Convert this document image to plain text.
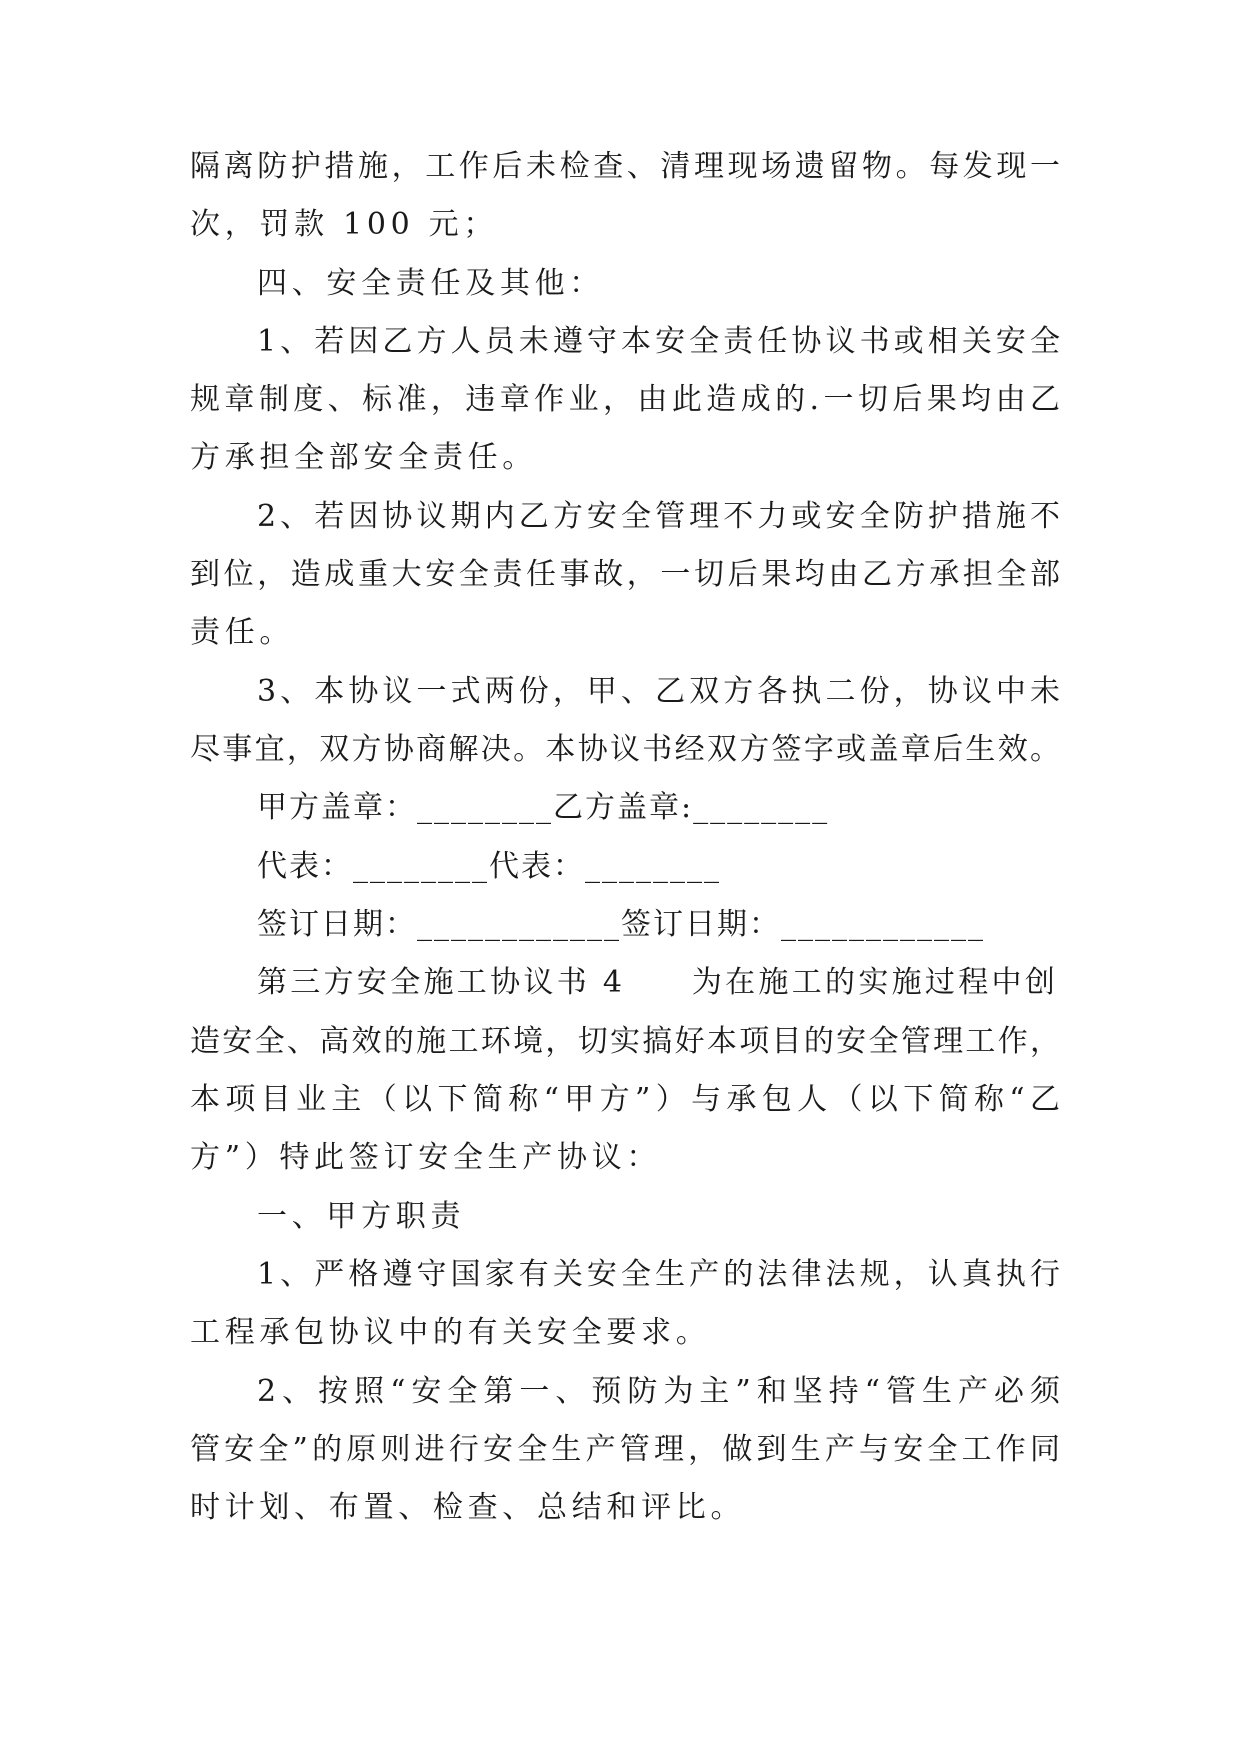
隔离防护措施，工作后未检查、清理现场遗留物。每发现一
次，罚款 100 元；
四、安全责任及其他：
1、若因乙方人员未遵守本安全责任协议书或相关安全
规章制度、标准，违章作业，由此造成的.一切后果均由乙
方承担全部安全责任。
2、若因协议期内乙方安全管理不力或安全防护措施不
到位，造成重大安全责任事故，一切后果均由乙方承担全部
责任。
3、本协议一式两份，甲、乙双方各执二份，协议中未
尽事宜，双方协商解决。本协议书经双方签字或盖章后生效。
甲方盖章：________乙方盖章:________
代表：________代表：________
签订日期：____________签订日期：____________
第三方安全施工协议书 4　　为在施工的实施过程中创
造安全、高效的施工环境，切实搞好本项目的安全管理工作，
本项目业主（以下简称“甲方”）与承包人（以下简称“乙
方”）特此签订安全生产协议：
一、甲方职责
1、严格遵守国家有关安全生产的法律法规，认真执行
工程承包协议中的有关安全要求。
2、按照“安全第一、预防为主”和坚持“管生产必须
管安全”的原则进行安全生产管理，做到生产与安全工作同
时计划、布置、检查、总结和评比。
